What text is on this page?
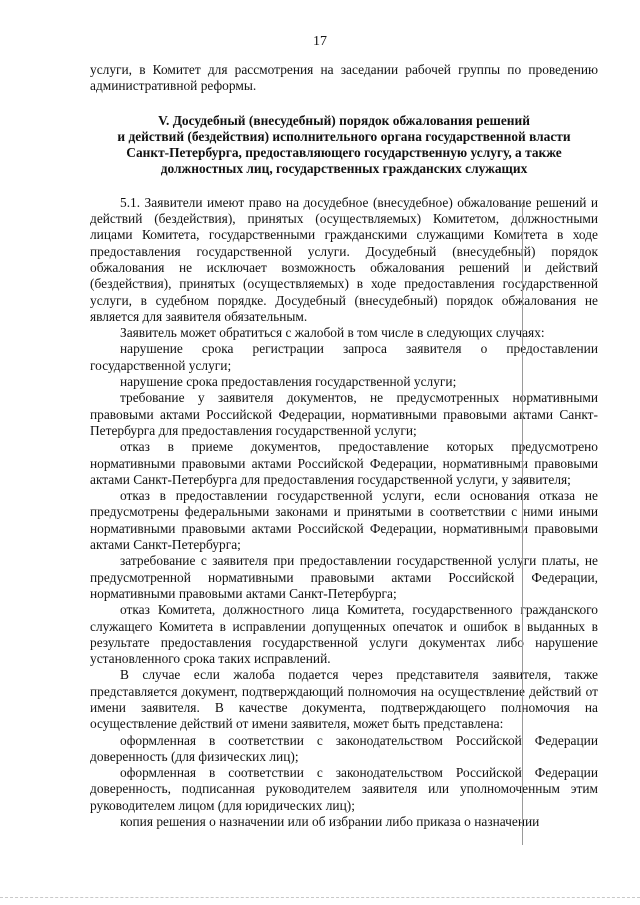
17

услуги, в Комитет для рассмотрения на заседании рабочей группы по проведению административной реформы.

V. Досудебный (внесудебный) порядок обжалования решений
и действий (бездействия) исполнительного органа государственной власти
Санкт-Петербурга, предоставляющего государственную услугу, а также
должностных лиц, государственных гражданских служащих

5.1. Заявители имеют право на досудебное (внесудебное) обжалование решений и действий (бездействия), принятых (осуществляемых) Комитетом, должностными лицами Комитета, государственными гражданскими служащими Комитета в ходе предоставления государственной услуги. Досудебный (внесудебный) порядок обжалования не исключает возможность обжалования решений и действий (бездействия), принятых (осуществляемых) в ходе предоставления государственной услуги, в судебном порядке. Досудебный (внесудебный) порядок обжалования не является для заявителя обязательным.

Заявитель может обратиться с жалобой в том числе в следующих случаях:

нарушение срока регистрации запроса заявителя о предоставлении государственной услуги;

нарушение срока предоставления государственной услуги;

требование у заявителя документов, не предусмотренных нормативными правовыми актами Российской Федерации, нормативными правовыми актами Санкт-Петербурга для предоставления государственной услуги;

отказ в приеме документов, предоставление которых предусмотрено нормативными правовыми актами Российской Федерации, нормативными правовыми актами Санкт-Петербурга для предоставления государственной услуги, у заявителя;

отказ в предоставлении государственной услуги, если основания отказа не предусмотрены федеральными законами и принятыми в соответствии с ними иными нормативными правовыми актами Российской Федерации, нормативными правовыми актами Санкт-Петербурга;

затребование с заявителя при предоставлении государственной услуги платы, не предусмотренной нормативными правовыми актами Российской Федерации, нормативными правовыми актами Санкт-Петербурга;

отказ Комитета, должностного лица Комитета, государственного гражданского служащего Комитета в исправлении допущенных опечаток и ошибок в выданных в результате предоставления государственной услуги документах либо нарушение установленного срока таких исправлений.

В случае если жалоба подается через представителя заявителя, также представляется документ, подтверждающий полномочия на осуществление действий от имени заявителя. В качестве документа, подтверждающего полномочия на осуществление действий от имени заявителя, может быть представлена:

оформленная в соответствии с законодательством Российской Федерации доверенность (для физических лиц);

оформленная в соответствии с законодательством Российской Федерации доверенность, подписанная руководителем заявителя или уполномоченным этим руководителем лицом (для юридических лиц);

копия решения о назначении или об избрании либо приказа о назначении
